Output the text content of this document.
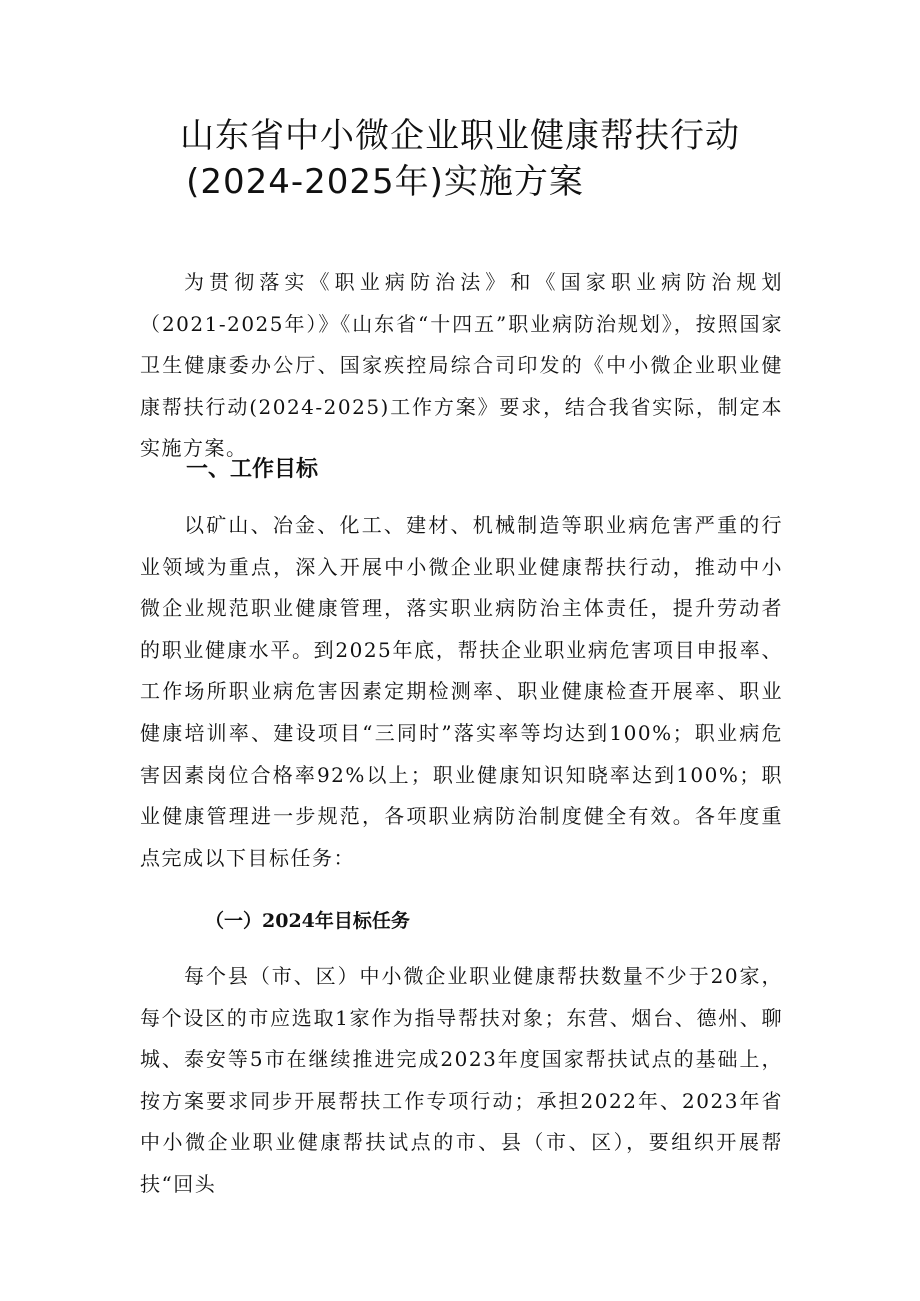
山东省中小微企业职业健康帮扶行动
(2024-2025年)实施方案

为贯彻落实《职业病防治法》和《国家职业病防治规划（2021-2025年）》《山东省“十四五”职业病防治规划》，按照国家卫生健康委办公厅、国家疾控局综合司印发的《中小微企业职业健康帮扶行动(2024-2025)工作方案》要求，结合我省实际，制定本实施方案。

一、工作目标

以矿山、冶金、化工、建材、机械制造等职业病危害严重的行业领域为重点，深入开展中小微企业职业健康帮扶行动，推动中小微企业规范职业健康管理，落实职业病防治主体责任，提升劳动者的职业健康水平。到2025年底，帮扶企业职业病危害项目申报率、工作场所职业病危害因素定期检测率、职业健康检查开展率、职业健康培训率、建设项目“三同时”落实率等均达到100%；职业病危害因素岗位合格率92%以上；职业健康知识知晓率达到100%；职业健康管理进一步规范，各项职业病防治制度健全有效。各年度重点完成以下目标任务：

（一）2024年目标任务

每个县（市、区）中小微企业职业健康帮扶数量不少于20家，每个设区的市应选取1家作为指导帮扶对象；东营、烟台、德州、聊城、泰安等5市在继续推进完成2023年度国家帮扶试点的基础上，按方案要求同步开展帮扶工作专项行动；承担2022年、2023年省中小微企业职业健康帮扶试点的市、县（市、区），要组织开展帮扶“回头
